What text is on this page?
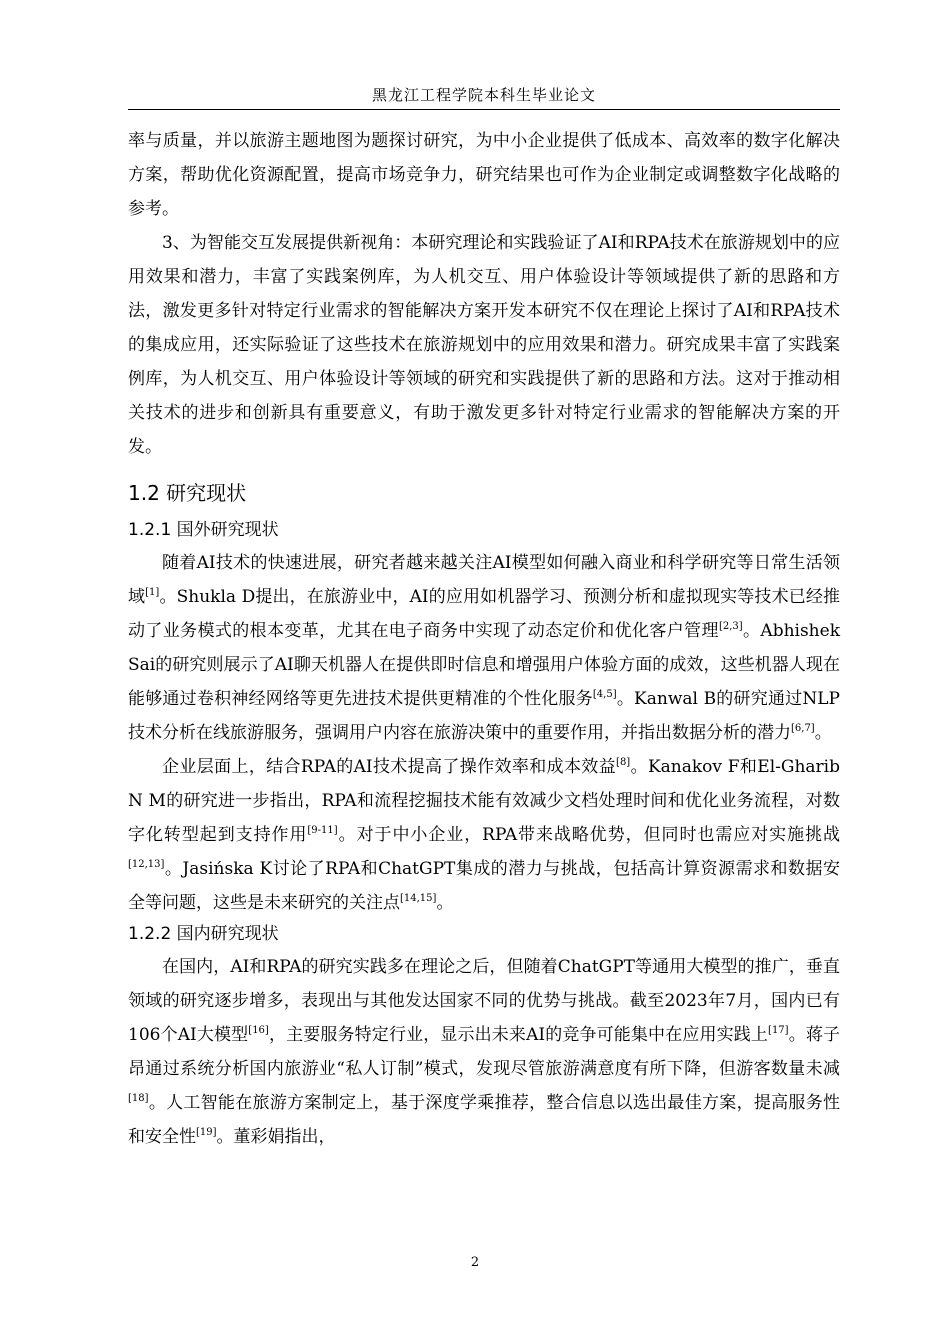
黑龙江工程学院本科生毕业论文

率与质量，并以旅游主题地图为题探讨研究，为中小企业提供了低成本、高效率的数字化解决方案，帮助优化资源配置，提高市场竞争力，研究结果也可作为企业制定或调整数字化战略的参考。

3、为智能交互发展提供新视角：本研究理论和实践验证了AI和RPA技术在旅游规划中的应用效果和潜力，丰富了实践案例库，为人机交互、用户体验设计等领域提供了新的思路和方法，激发更多针对特定行业需求的智能解决方案开发本研究不仅在理论上探讨了AI和RPA技术的集成应用，还实际验证了这些技术在旅游规划中的应用效果和潜力。研究成果丰富了实践案例库，为人机交互、用户体验设计等领域的研究和实践提供了新的思路和方法。这对于推动相关技术的进步和创新具有重要意义，有助于激发更多针对特定行业需求的智能解决方案的开发。

1.2 研究现状
1.2.1 国外研究现状

随着AI技术的快速进展，研究者越来越关注AI模型如何融入商业和科学研究等日常生活领域[1]。Shukla D提出，在旅游业中，AI的应用如机器学习、预测分析和虚拟现实等技术已经推动了业务模式的根本变革，尤其在电子商务中实现了动态定价和优化客户管理[2,3]。Abhishek Sai的研究则展示了AI聊天机器人在提供即时信息和增强用户体验方面的成效，这些机器人现在能够通过卷积神经网络等更先进技术提供更精准的个性化服务[4,5]。Kanwal B的研究通过NLP技术分析在线旅游服务，强调用户内容在旅游决策中的重要作用，并指出数据分析的潜力[6,7]。

企业层面上，结合RPA的AI技术提高了操作效率和成本效益[8]。Kanakov F和El-Gharib N M的研究进一步指出，RPA和流程挖掘技术能有效减少文档处理时间和优化业务流程，对数字化转型起到支持作用[9-11]。对于中小企业，RPA带来战略优势，但同时也需应对实施挑战[12,13]。Jasińska K讨论了RPA和ChatGPT集成的潜力与挑战，包括高计算资源需求和数据安全等问题，这些是未来研究的关注点[14,15]。

1.2.2 国内研究现状

在国内，AI和RPA的研究实践多在理论之后，但随着ChatGPT等通用大模型的推广，垂直领域的研究逐步增多，表现出与其他发达国家不同的优势与挑战。截至2023年7月，国内已有106个AI大模型[16]，主要服务特定行业，显示出未来AI的竞争可能集中在应用实践上[17]。蒋子昂通过系统分析国内旅游业“私人订制”模式，发现尽管旅游满意度有所下降，但游客数量未减[18]。人工智能在旅游方案制定上，基于深度学乘推荐，整合信息以选出最佳方案，提高服务性和安全性[19]。董彩娟指出，

2
